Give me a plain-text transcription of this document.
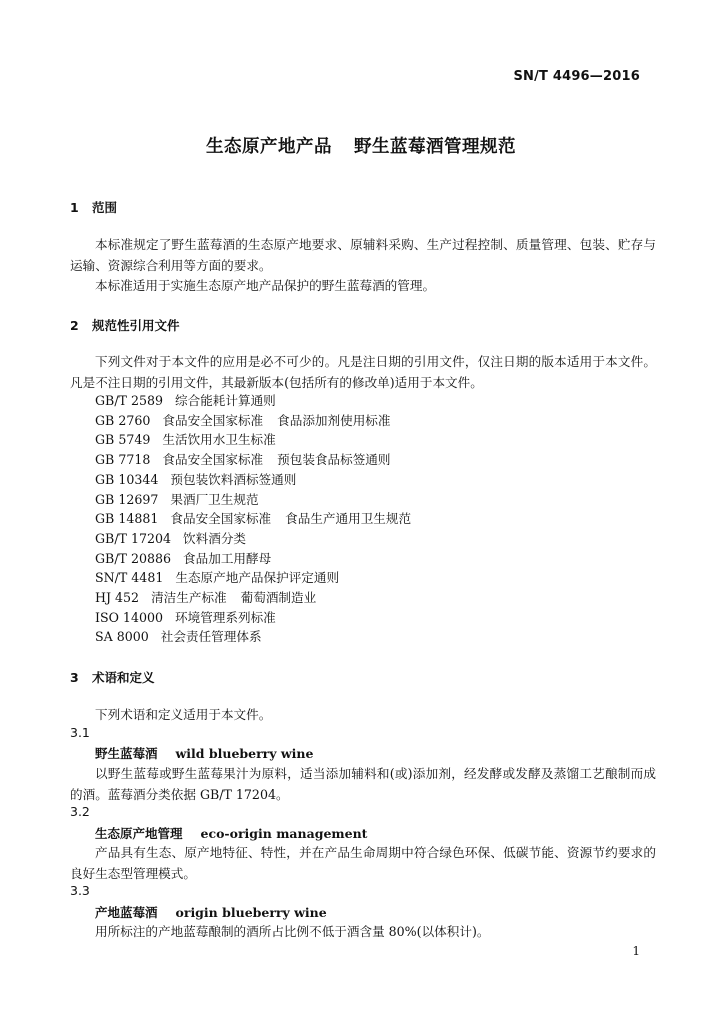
SN/T 4496—2016
生态原产地产品 野生蓝莓酒管理规范
1 范围
本标准规定了野生蓝莓酒的生态原产地要求、原辅料采购、生产过程控制、质量管理、包装、贮存与运输、资源综合利用等方面的要求。
本标准适用于实施生态原产地产品保护的野生蓝莓酒的管理。
2 规范性引用文件
下列文件对于本文件的应用是必不可少的。凡是注日期的引用文件，仅注日期的版本适用于本文件。凡是不注日期的引用文件，其最新版本(包括所有的修改单)适用于本文件。
GB/T 2589 综合能耗计算通则
GB 2760 食品安全国家标准 食品添加剂使用标准
GB 5749 生活饮用水卫生标准
GB 7718 食品安全国家标准 预包装食品标签通则
GB 10344 预包装饮料酒标签通则
GB 12697 果酒厂卫生规范
GB 14881 食品安全国家标准 食品生产通用卫生规范
GB/T 17204 饮料酒分类
GB/T 20886 食品加工用酵母
SN/T 4481 生态原产地产品保护评定通则
HJ 452 清洁生产标准 葡萄酒制造业
ISO 14000 环境管理系列标准
SA 8000 社会责任管理体系
3 术语和定义
下列术语和定义适用于本文件。
3.1
野生蓝莓酒 wild blueberry wine
以野生蓝莓或野生蓝莓果汁为原料，适当添加辅料和(或)添加剂，经发酵或发酵及蒸馏工艺酿制而成的酒。蓝莓酒分类依据 GB/T 17204。
3.2
生态原产地管理 eco-origin management
产品具有生态、原产地特征、特性，并在产品生命周期中符合绿色环保、低碳节能、资源节约要求的良好生态型管理模式。
3.3
产地蓝莓酒 origin blueberry wine
用所标注的产地蓝莓酿制的酒所占比例不低于酒含量 80%(以体积计)。
1
